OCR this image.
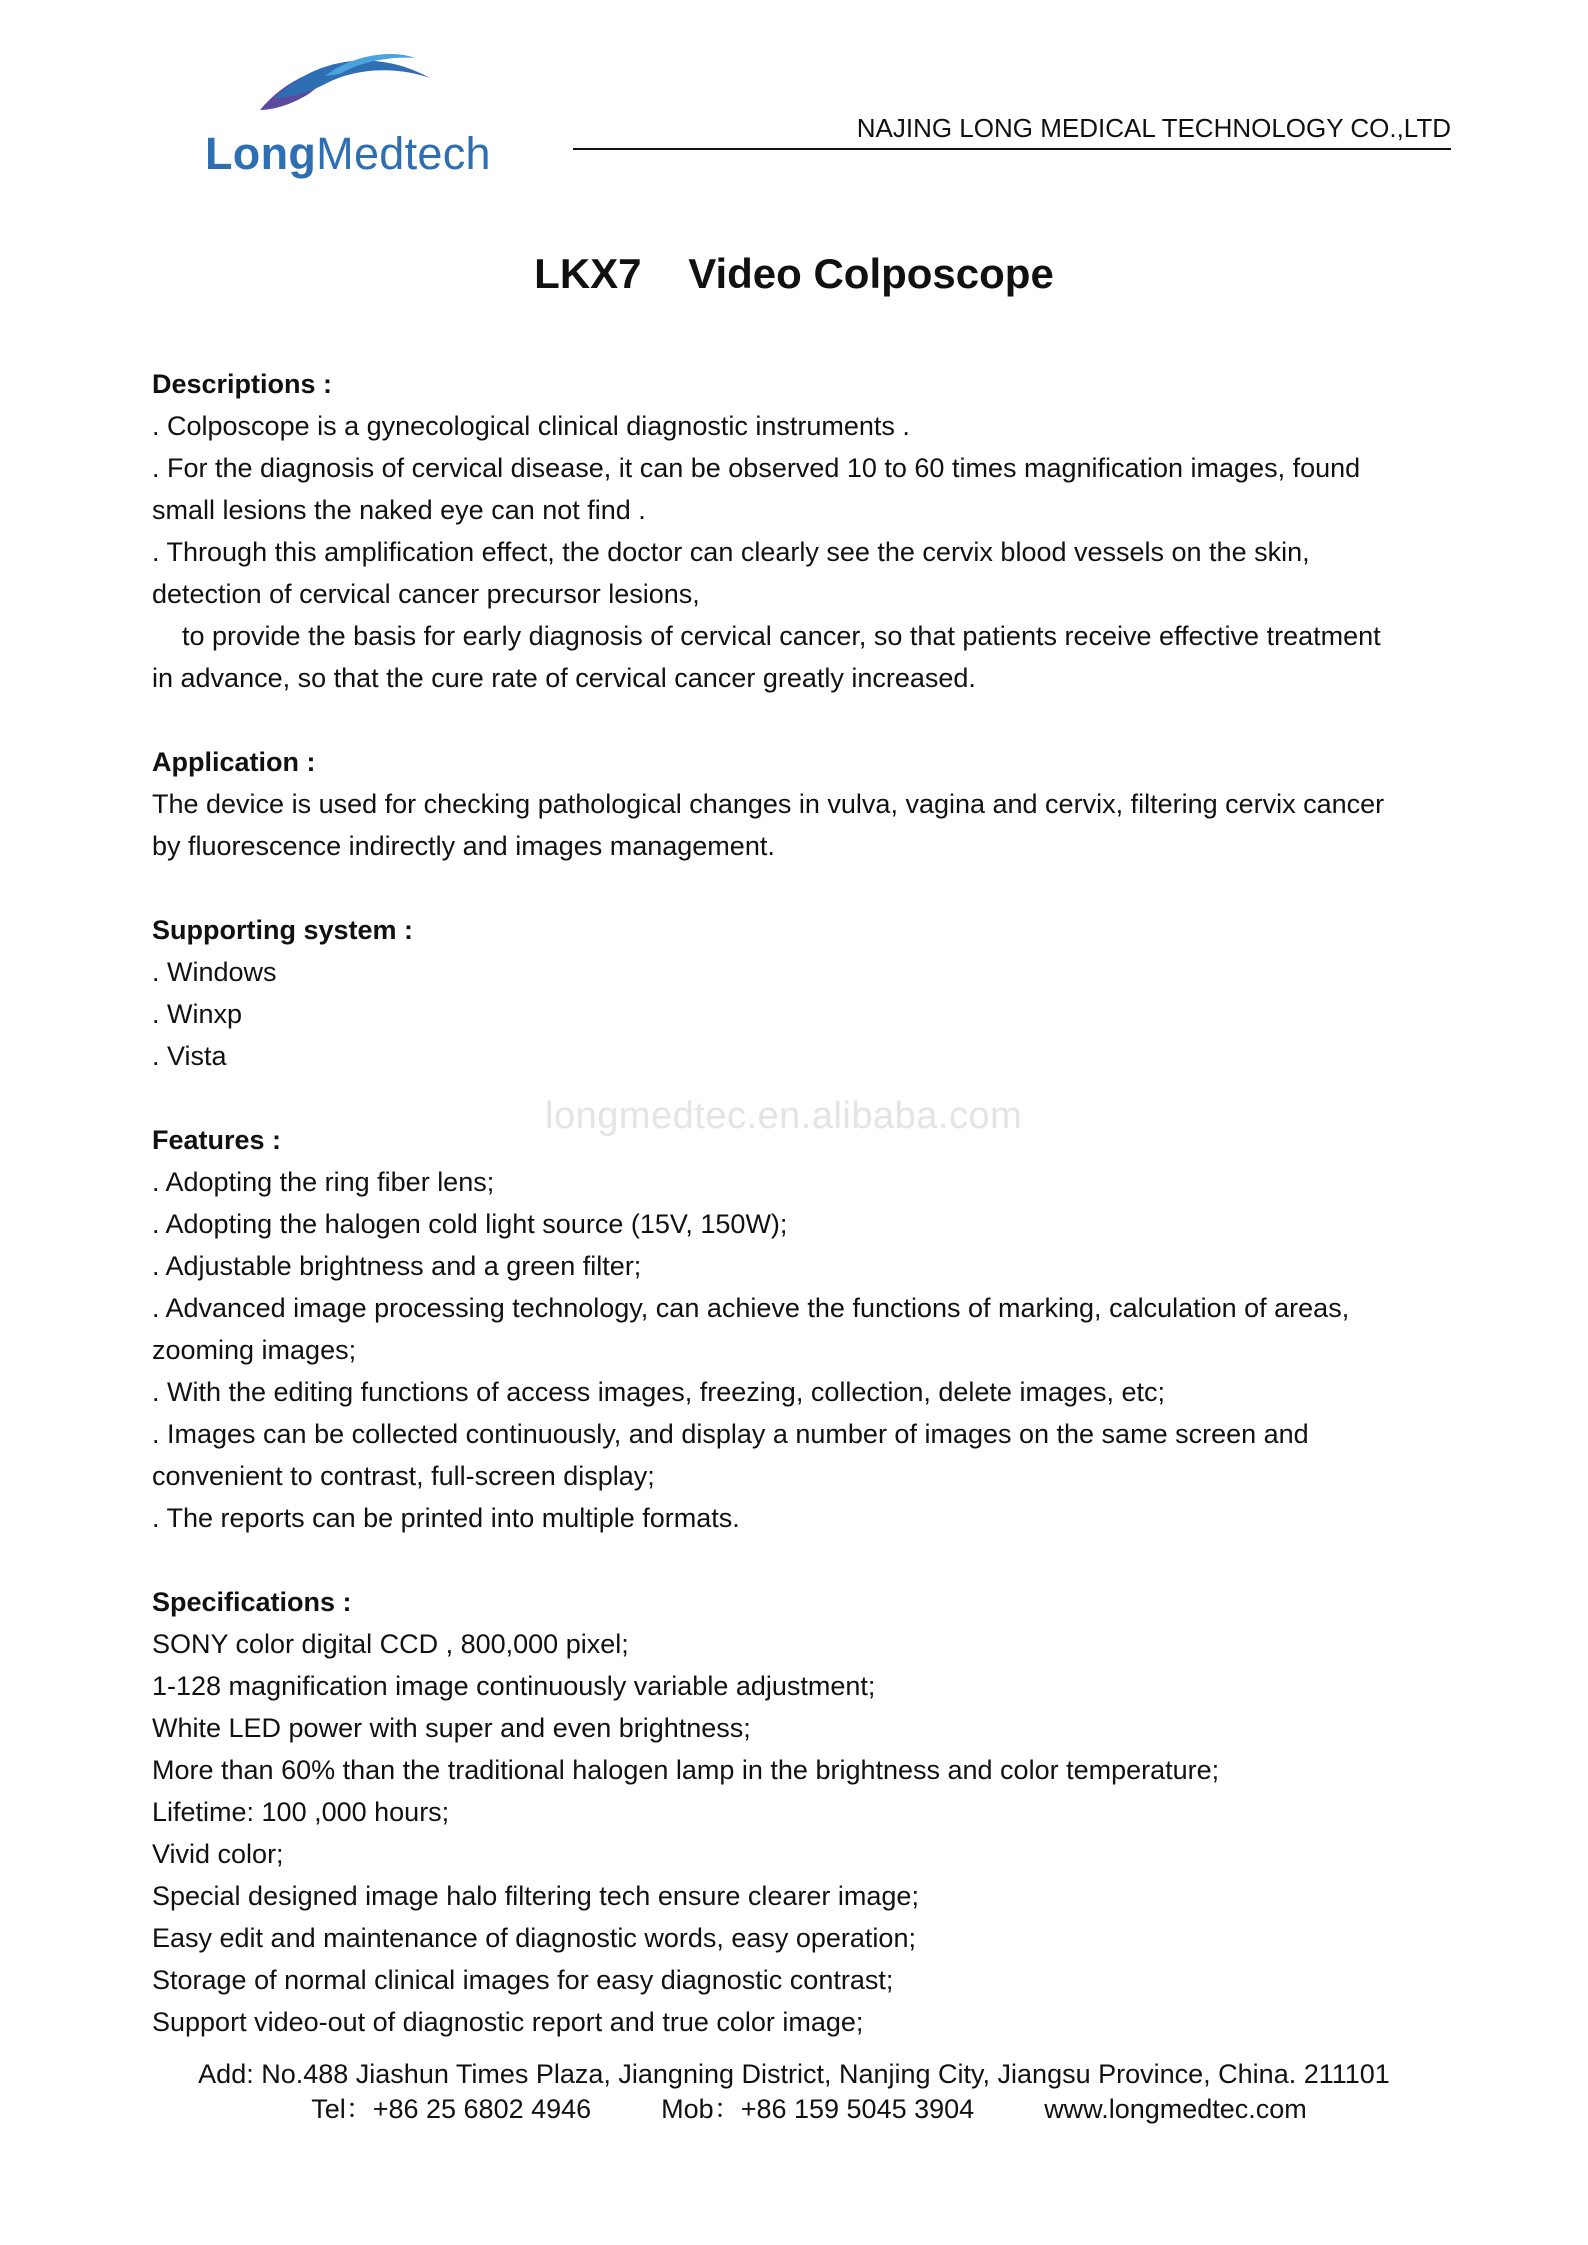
LongMedtech	NAJING LONG MEDICAL TECHNOLOGY CO.,LTD
LKX7    Video Colposcope
longmedtec.en.alibaba.com
Descriptions :
. Colposcope is a gynecological clinical diagnostic instruments .
. For the diagnosis of cervical disease, it can be observed 10 to 60 times magnification images, found
small lesions the naked eye can not find .
. Through this amplification effect, the doctor can clearly see the cervix blood vessels on the skin,
detection of cervical cancer precursor lesions,
to provide the basis for early diagnosis of cervical cancer, so that patients receive effective treatment
in advance, so that the cure rate of cervical cancer greatly increased.
Application :
The device is used for checking pathological changes in vulva, vagina and cervix, filtering cervix cancer
by fluorescence indirectly and images management.
Supporting system :
. Windows
. Winxp
. Vista
Features :
. Adopting the ring fiber lens;
. Adopting the halogen cold light source (15V, 150W);
. Adjustable brightness and a green filter;
. Advanced image processing technology, can achieve the functions of marking, calculation of areas,
zooming images;
. With the editing functions of access images, freezing, collection, delete images, etc;
. Images can be collected continuously, and display a number of images on the same screen and
convenient to contrast, full-screen display;
. The reports can be printed into multiple formats.
Specifications :
SONY color digital CCD , 800,000 pixel;
1-128 magnification image continuously variable adjustment;
White LED power with super and even brightness;
More than 60% than the traditional halogen lamp in the brightness and color temperature;
Lifetime: 100 ,000 hours;
Vivid color;
Special designed image halo filtering tech ensure clearer image;
Easy edit and maintenance of diagnostic words, easy operation;
Storage of normal clinical images for easy diagnostic contrast;
Support video-out of diagnostic report and true color image;
Add: No.488 Jiashun Times Plaza, Jiangning District, Nanjing City, Jiangsu Province, China. 211101
Tel：+86 25 6802 4946	Mob：+86 159 5045 3904	www.longmedtec.com
